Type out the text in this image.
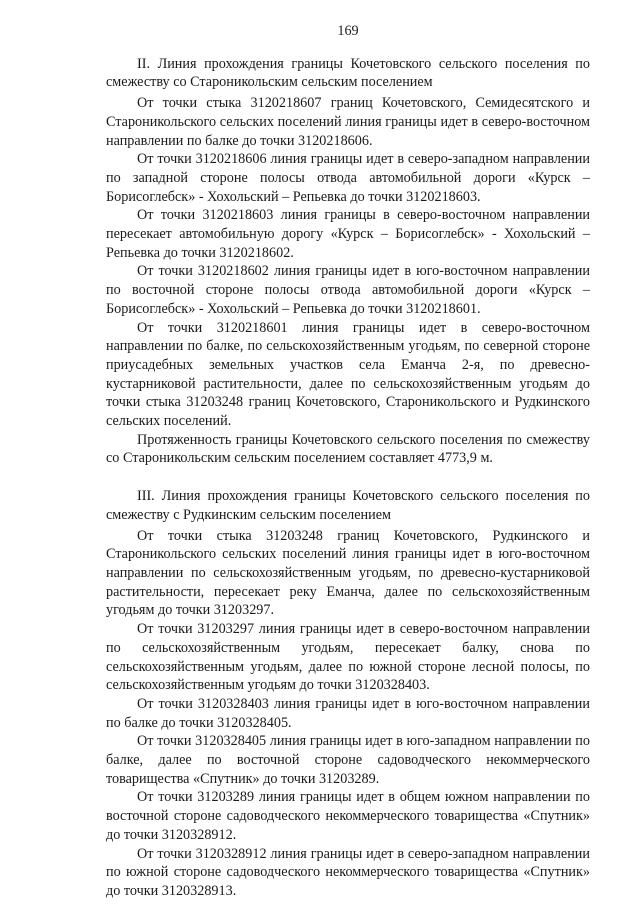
169

II. Линия прохождения границы Кочетовского сельского поселения по смежеству со Староникольским сельским поселением

От точки стыка 3120218607 границ Кочетовского, Семидесятского и Староникольского сельских поселений линия границы идет в северо-восточном направлении по балке до точки 3120218606.

От точки 3120218606 линия границы идет в северо-западном направлении по западной стороне полосы отвода автомобильной дороги «Курск – Борисоглебск» - Хохольский – Репьевка до точки 3120218603.

От точки 3120218603 линия границы в северо-восточном направлении пересекает автомобильную дорогу «Курск – Борисоглебск» - Хохольский – Репьевка до точки 3120218602.

От точки 3120218602 линия границы идет в юго-восточном направлении по восточной стороне полосы отвода автомобильной дороги «Курск – Борисоглебск» - Хохольский – Репьевка до точки 3120218601.

От точки 3120218601 линия границы идет в северо-восточном направлении по балке, по сельскохозяйственным угодьям, по северной стороне приусадебных земельных участков села Еманча 2-я, по древесно-кустарниковой растительности, далее по сельскохозяйственным угодьям до точки стыка 31203248 границ Кочетовского, Староникольского и Рудкинского сельских поселений.

Протяженность границы Кочетовского сельского поселения по смежеству со Староникольским сельским поселением составляет 4773,9 м.

III. Линия прохождения границы Кочетовского сельского поселения по смежеству с Рудкинским сельским поселением

От точки стыка 31203248 границ Кочетовского, Рудкинского и Староникольского сельских поселений линия границы идет в юго-восточном направлении по сельскохозяйственным угодьям, по древесно-кустарниковой растительности, пересекает реку Еманча, далее по сельскохозяйственным угодьям до точки 31203297.

От точки 31203297 линия границы идет в северо-восточном направлении по сельскохозяйственным угодьям, пересекает балку, снова по сельскохозяйственным угодьям, далее по южной стороне лесной полосы, по сельскохозяйственным угодьям до точки 3120328403.

От точки 3120328403 линия границы идет в юго-восточном направлении по балке до точки 3120328405.

От точки 3120328405 линия границы идет в юго-западном направлении по балке, далее по восточной стороне садоводческого некоммерческого товарищества «Спутник» до точки 31203289.

От точки 31203289 линия границы идет в общем южном направлении по восточной стороне садоводческого некоммерческого товарищества «Спутник» до точки 3120328912.

От точки 3120328912 линия границы идет в северо-западном направлении по южной стороне садоводческого некоммерческого товарищества «Спутник» до точки 3120328913.
